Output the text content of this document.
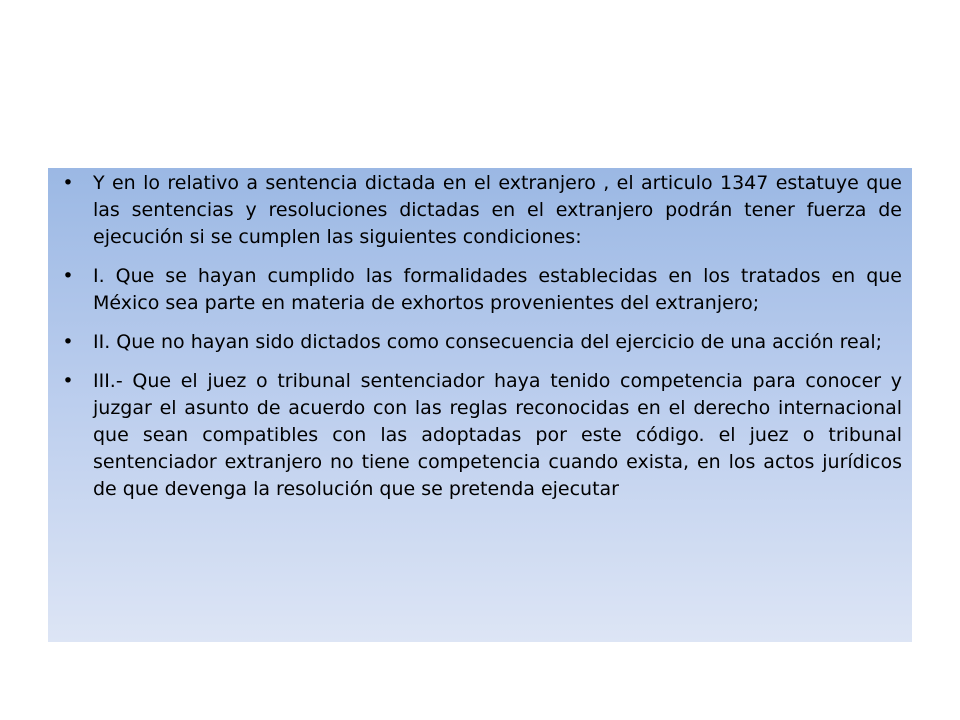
• Y en lo relativo a sentencia dictada en el extranjero , el articulo 1347 estatuye que las sentencias y resoluciones dictadas en el extranjero podrán tener fuerza de ejecución si se cumplen las siguientes condiciones:
• I. Que se hayan cumplido las formalidades establecidas en los tratados en que México sea parte en materia de exhortos provenientes del extranjero;
• II. Que no hayan sido dictados como consecuencia del ejercicio de una acción real;
• III.- Que el juez o tribunal sentenciador haya tenido competencia para conocer y juzgar el asunto de acuerdo con las reglas reconocidas en el derecho internacional que sean compatibles con las adoptadas por este código. el juez o tribunal sentenciador extranjero no tiene competencia cuando exista, en los actos jurídicos de que devenga la resolución que se pretenda ejecutar
